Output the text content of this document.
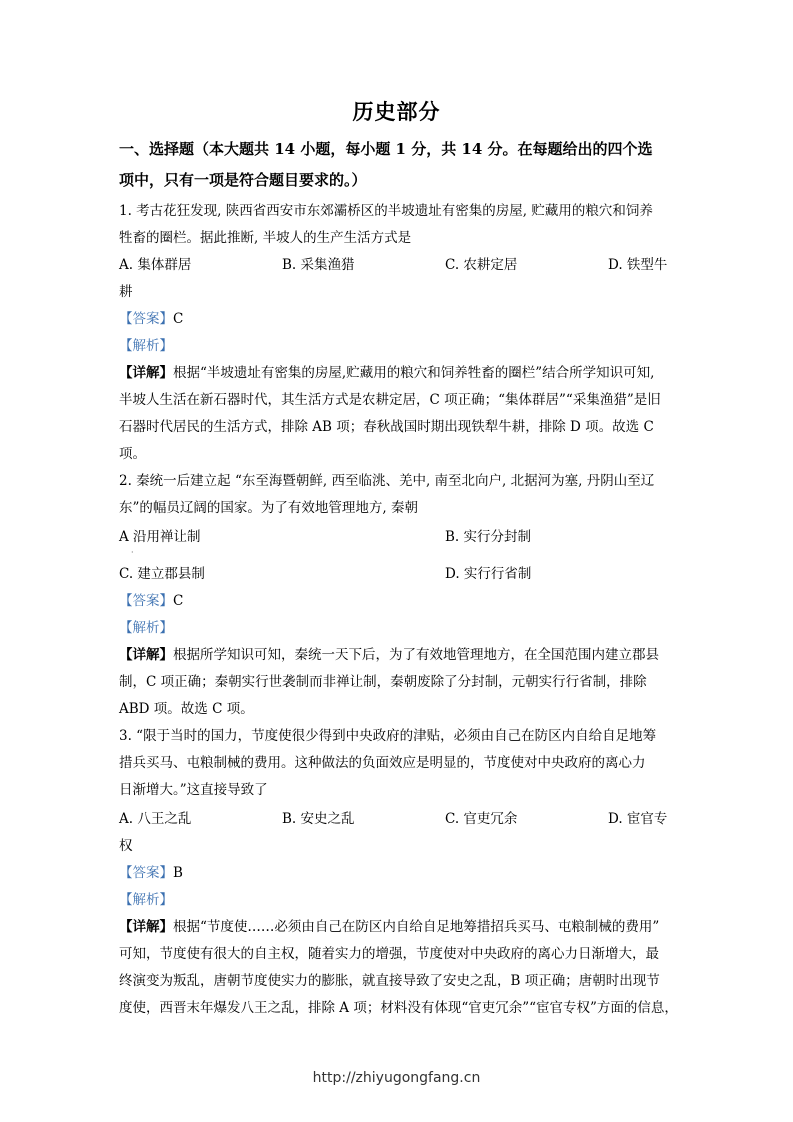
历史部分
一、选择题（本大题共 14 小题，每小题 1 分，共 14 分。在每题给出的四个选
项中，只有一项是符合题目要求的。）
1. 考古花狂发现, 陕西省西安市东郊灞桥区的半坡遗址有密集的房屋, 贮藏用的粮穴和饲养
牲畜的圈栏。据此推断, 半坡人的生产生活方式是
A. 集体群居	B. 采集渔猎	C. 农耕定居	D. 铁型牛
耕
【答案】C
【解析】
【详解】根据“半坡遗址有密集的房屋,贮藏用的粮穴和饲养牲畜的圈栏”结合所学知识可知,
半坡人生活在新石器时代，其生活方式是农耕定居，C 项正确；“集体群居”“采集渔猎”是旧
石器时代居民的生活方式，排除 AB 项；春秋战国时期出现铁犁牛耕，排除 D 项。故选 C
项。
2. 秦统一后建立起 “东至海暨朝鲜, 西至临洮、羌中, 南至北向户, 北据河为塞, 丹阴山至辽
东”的幅员辽阔的国家。为了有效地管理地方, 秦朝
A 沿用禅让制
·
B. 实行分封制
C. 建立郡县制	D. 实行行省制
【答案】C
【解析】
【详解】根据所学知识可知，秦统一天下后，为了有效地管理地方，在全国范围内建立郡县
制，C 项正确；秦朝实行世袭制而非禅让制，秦朝废除了分封制，元朝实行行省制，排除
ABD 项。故选 C 项。
3. “限于当时的国力，节度使很少得到中央政府的津贴，必须由自己在防区内自给自足地筹
措兵买马、屯粮制械的费用。这种做法的负面效应是明显的，节度使对中央政府的离心力
日渐增大。”这直接导致了
A. 八王之乱	B. 安史之乱	C. 官吏冗余	D. 宦官专
权
【答案】B
【解析】
【详解】根据“节度使……必须由自己在防区内自给自足地筹措招兵买马、屯粮制械的费用”
可知，节度使有很大的自主权，随着实力的增强，节度使对中央政府的离心力日渐增大，最
终演变为叛乱，唐朝节度使实力的膨胀，就直接导致了安史之乱，B 项正确；唐朝时出现节
度使，西晋末年爆发八王之乱，排除 A 项；材料没有体现“官吏冗余”“宦官专权”方面的信息，
http://zhiyugongfang.cn
